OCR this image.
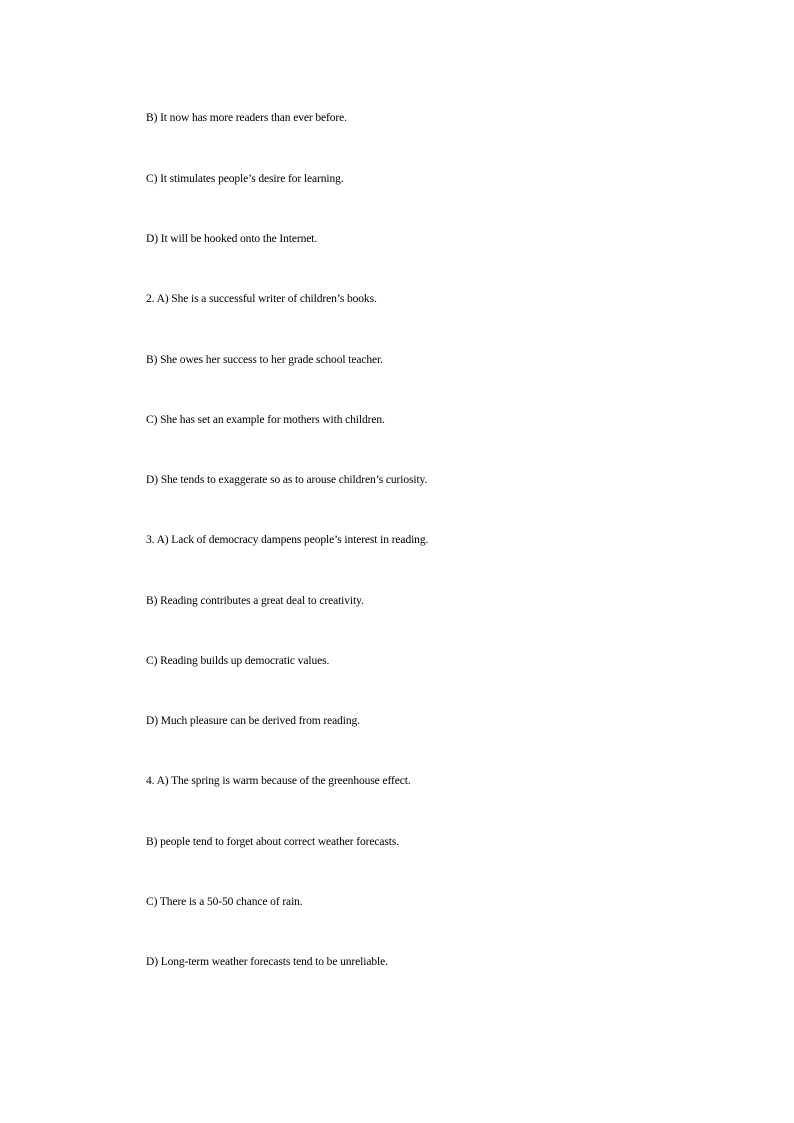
B) It now has more readers than ever before.
C) It stimulates people’s desire for learning.
D) It will be hooked onto the Internet.
2. A) She is a successful writer of children’s books.
B) She owes her success to her grade school teacher.
C) She has set an example for mothers with children.
D) She tends to exaggerate so as to arouse children’s curiosity.
3. A) Lack of democracy dampens people’s interest in reading.
B) Reading contributes a great deal to creativity.
C) Reading builds up democratic values.
D) Much pleasure can be derived from reading.
4. A) The spring is warm because of the greenhouse effect.
B) people tend to forget about correct weather forecasts.
C) There is a 50-50 chance of rain.
D) Long-term weather forecasts tend to be unreliable.
